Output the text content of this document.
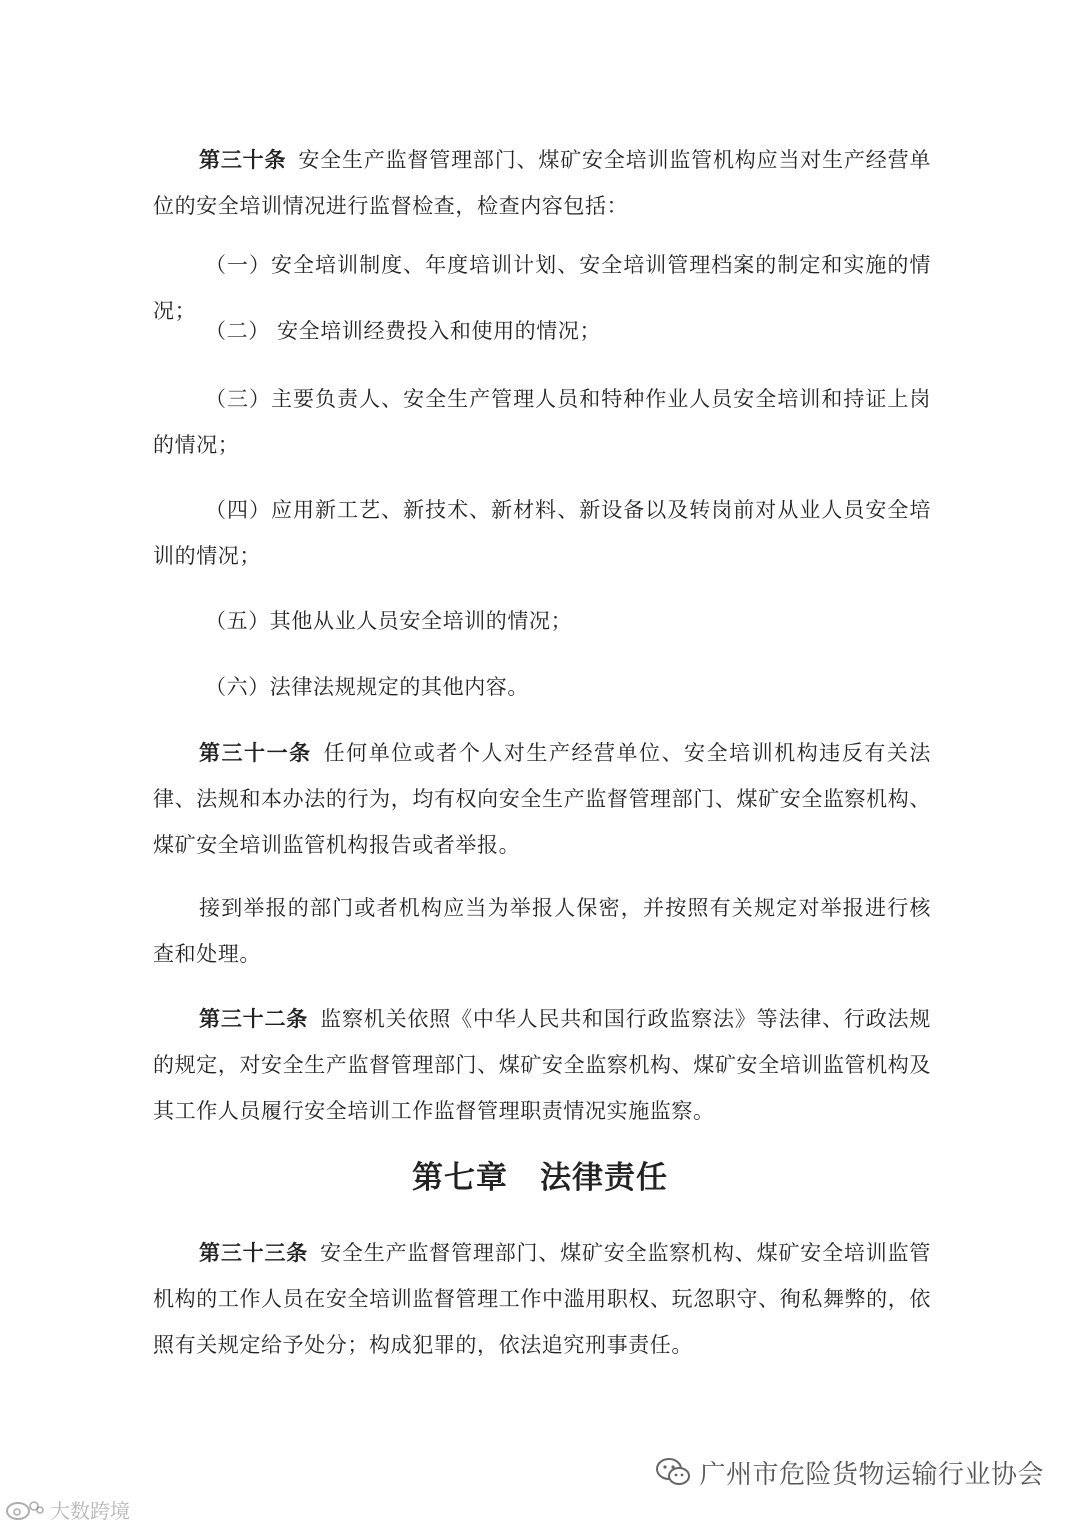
第三十条 安全生产监督管理部门、煤矿安全培训监管机构应当对生产经营单位的安全培训情况进行监督检查，检查内容包括：

（一）安全培训制度、年度培训计划、安全培训管理档案的制定和实施的情况；

（二） 安全培训经费投入和使用的情况；

（三）主要负责人、安全生产管理人员和特种作业人员安全培训和持证上岗的情况；

（四）应用新工艺、新技术、新材料、新设备以及转岗前对从业人员安全培训的情况；

（五）其他从业人员安全培训的情况；

（六）法律法规规定的其他内容。

第三十一条 任何单位或者个人对生产经营单位、安全培训机构违反有关法律、法规和本办法的行为，均有权向安全生产监督管理部门、煤矿安全监察机构、煤矿安全培训监管机构报告或者举报。

接到举报的部门或者机构应当为举报人保密，并按照有关规定对举报进行核查和处理。

第三十二条 监察机关依照《中华人民共和国行政监察法》等法律、行政法规的规定，对安全生产监督管理部门、煤矿安全监察机构、煤矿安全培训监管机构及其工作人员履行安全培训工作监督管理职责情况实施监察。

第七章 法律责任

第三十三条 安全生产监督管理部门、煤矿安全监察机构、煤矿安全培训监管机构的工作人员在安全培训监督管理工作中滥用职权、玩忽职守、徇私舞弊的，依照有关规定给予处分；构成犯罪的，依法追究刑事责任。

广州市危险货物运输行业协会
大数跨境
